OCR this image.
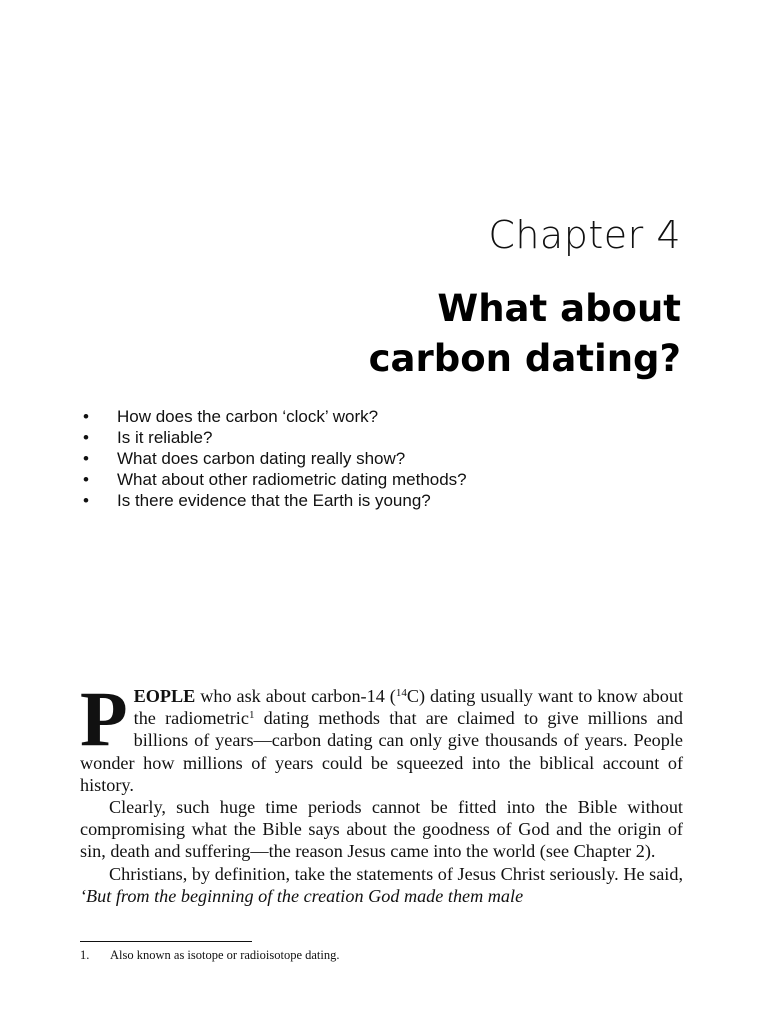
Chapter 4
What about
carbon dating?
• How does the carbon ‘clock’ work?
• Is it reliable?
• What does carbon dating really show?
• What about other radiometric dating methods?
• Is there evidence that the Earth is young?

PEOPLE who ask about carbon-14 ($^{14}$C) dating usually want to know about the radiometric$^1$ dating methods that are claimed to give millions and billions of years—carbon dating can only give thousands of years. People wonder how millions of years could be squeezed into the biblical account of history.

Clearly, such huge time periods cannot be fitted into the Bible without compromising what the Bible says about the goodness of God and the origin of sin, death and suffering—the reason Jesus came into the world (see Chapter 2).

Christians, by definition, take the statements of Jesus Christ seriously. He said, ‘But from the beginning of the creation God made them male

1. Also known as isotope or radioisotope dating.
